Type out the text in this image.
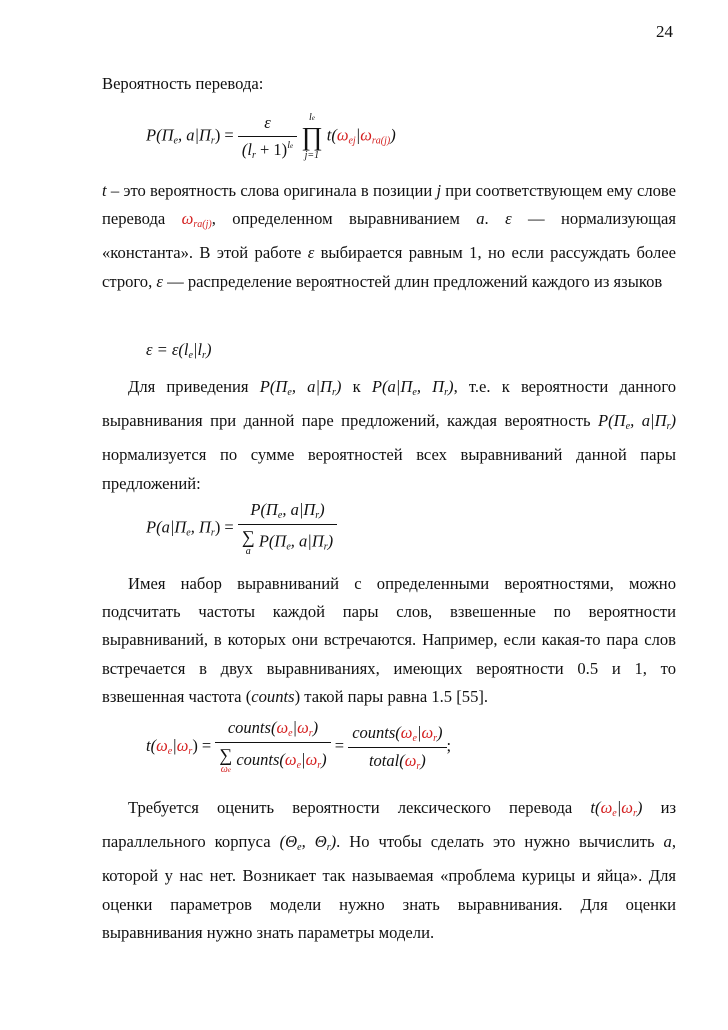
24
Вероятность перевода:
$P(\Pi_e$, $a|\Pi_r) = \frac{\varepsilon}{(l_r + 1)^{le}}$
	le
∏
j=1
$t(\omega_{ej}|\omega_{ra(j)})$
t – это вероятность слова оригинала в позиции j при соответствующем ему слове перевода $\omega_{ra(j)}$, определенном выравниванием a. ε — нормализующая «константа». В этой работе ε выбирается равным 1, но если рассуждать более строго, ε — распределение вероятностей длин предложений каждого из языков
$\varepsilon = \varepsilon(l_e|l_r)$
Для приведения $P(\Pi_e$, $a|\Pi_r$) к $P(a|\Pi_e$, $\Pi_r$), т.е. к вероятности данного выравнивания при данной паре предложений, каждая вероятность $P(\Pi_e$, $a|\Pi_r$) нормализуется по сумме вероятностей всех выравниваний данной пары предложений:
$P(a|\Pi_e$, $\Pi_r) = P(\Pi_e$, $a|\Pi_r$)
∑
a
$P(\Pi_e$, $a|\Pi_r$)
Имея набор выравниваний с определенными вероятностями, можно подсчитать частоты каждой пары слов, взвешенные по вероятности выравниваний, в которых они встречаются. Например, если какая-то пара слов встречается в двух выравниваниях, имеющих вероятности 0.5 и 1, то взвешенная частота (counts) такой пары равна 1.5 [55].
$t(\omega_e|\omega_r)$ = $counts(\omega_e|\omega_r)$
∑
ωe
$counts(\omega_e|\omega_r) = \frac{counts(\omega_e|\omega_r)}{total(\omega_r)}$ ;
Требуется оценить вероятности лексического перевода $t(\omega_e|\omega_r)$ из параллельного корпуса ($\Theta_e$, $\Theta_r$). Но чтобы сделать это нужно вычислить a, которой у нас нет. Возникает так называемая «проблема курицы и яйца». Для оценки параметров модели нужно знать выравнивания. Для оценки выравнивания нужно знать параметры модели.
